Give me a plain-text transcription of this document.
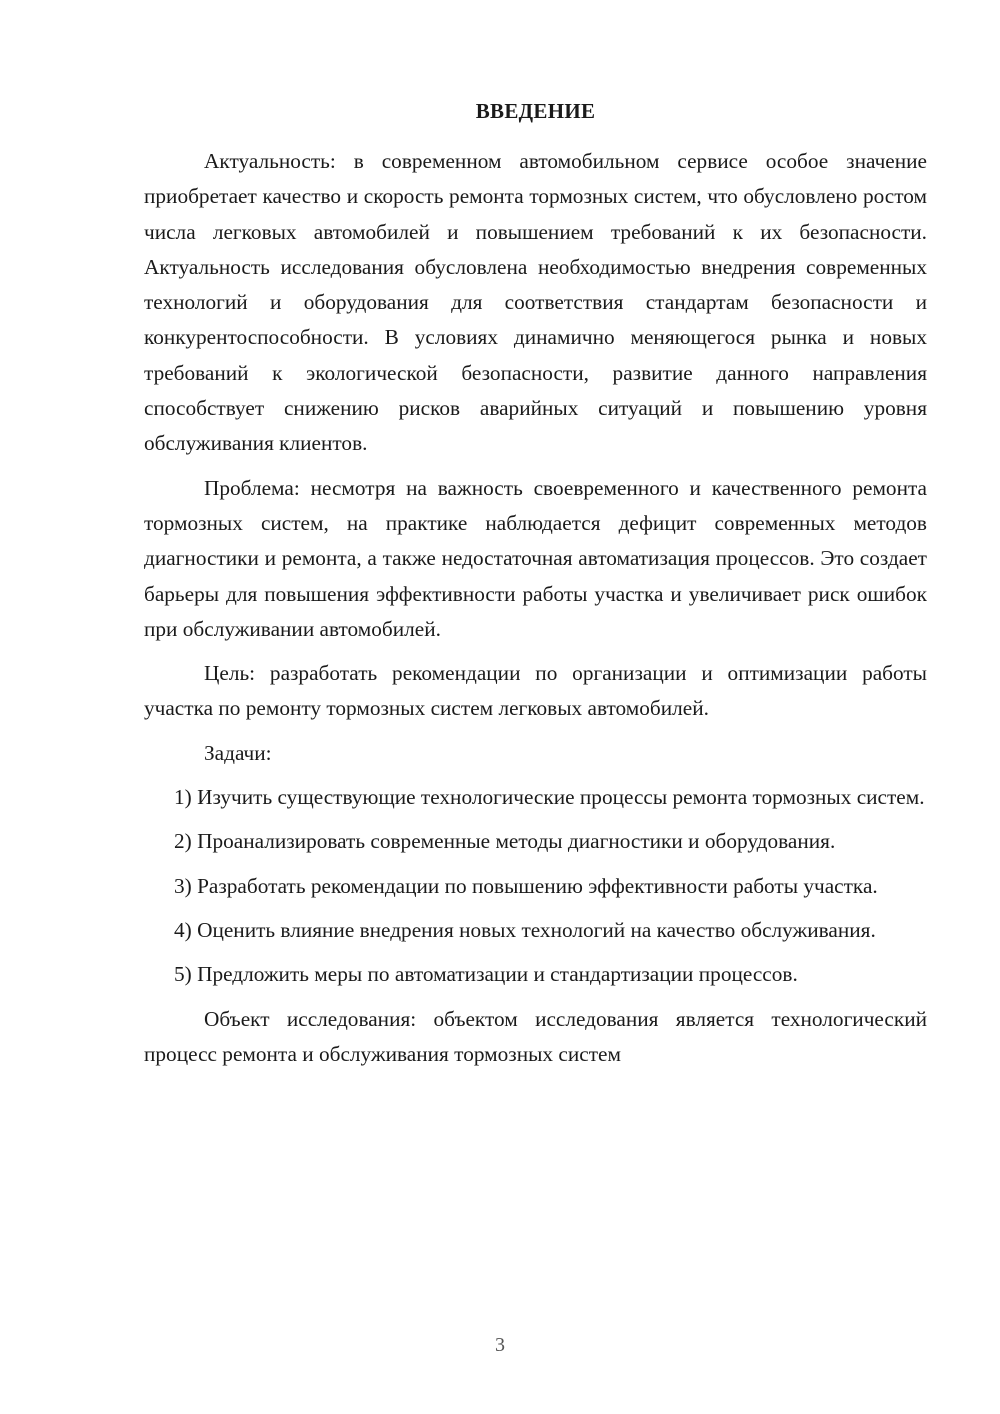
ВВЕДЕНИЕ

Актуальность: в современном автомобильном сервисе особое значение приобретает качество и скорость ремонта тормозных систем, что обусловлено ростом числа легковых автомобилей и повышением требований к их безопасности. Актуальность исследования обусловлена необходимостью внедрения современных технологий и оборудования для соответствия стандартам безопасности и конкурентоспособности. В условиях динамично меняющегося рынка и новых требований к экологической безопасности, развитие данного направления способствует снижению рисков аварийных ситуаций и повышению уровня обслуживания клиентов.

Проблема: несмотря на важность своевременного и качественного ремонта тормозных систем, на практике наблюдается дефицит современных методов диагностики и ремонта, а также недостаточная автоматизация процессов. Это создает барьеры для повышения эффективности работы участка и увеличивает риск ошибок при обслуживании автомобилей.

Цель: разработать рекомендации по организации и оптимизации работы участка по ремонту тормозных систем легковых автомобилей.

Задачи:

1) Изучить существующие технологические процессы ремонта тормозных систем.

2) Проанализировать современные методы диагностики и оборудования.

3) Разработать рекомендации по повышению эффективности работы участка.

4) Оценить влияние внедрения новых технологий на качество обслуживания.

5) Предложить меры по автоматизации и стандартизации процессов.

Объект исследования: объектом исследования является технологический процесс ремонта и обслуживания тормозных систем

3
